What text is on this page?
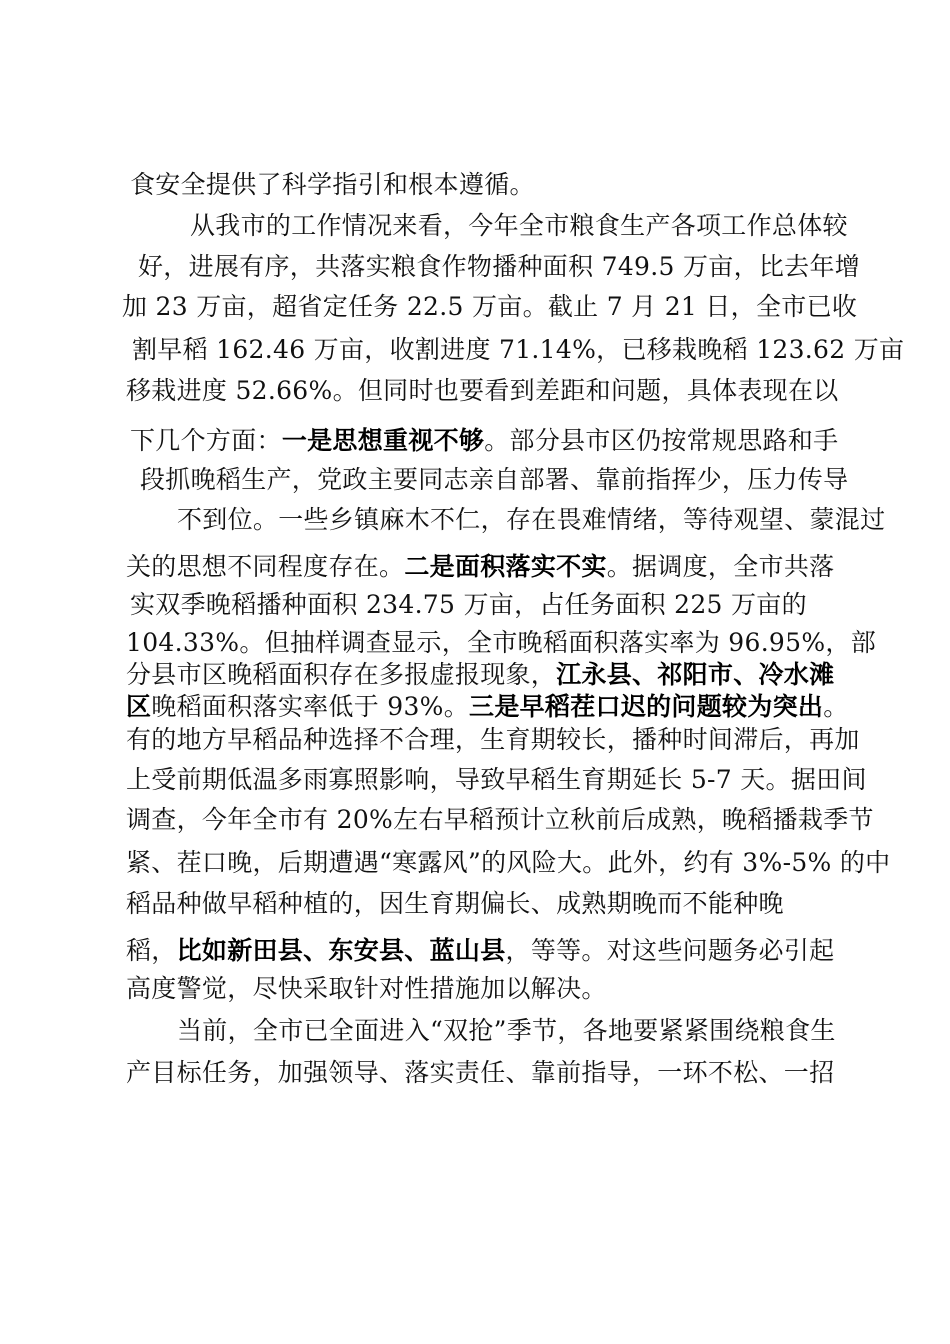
食安全提供了科学指引和根本遵循。
从我市的工作情况来看，今年全市粮食生产各项工作总体较
好，进展有序，共落实粮食作物播种面积 749.5 万亩，比去年增
加 23 万亩，超省定任务 22.5 万亩。截止 7 月 21 日，全市已收
割早稻 162.46 万亩，收割进度 71.14%，已移栽晚稻 123.62 万亩
移栽进度 52.66%。但同时也要看到差距和问题，具体表现在以
下几个方面：一是思想重视不够。部分县市区仍按常规思路和手
段抓晚稻生产，党政主要同志亲自部署、靠前指挥少，压力传导
不到位。一些乡镇麻木不仁，存在畏难情绪，等待观望、蒙混过
关的思想不同程度存在。二是面积落实不实。据调度，全市共落
实双季晚稻播种面积 234.75 万亩，占任务面积 225 万亩的
104.33%。但抽样调查显示，全市晚稻面积落实率为 96.95%，部
分县市区晚稻面积存在多报虚报现象，江永县、祁阳市、冷水滩
区晚稻面积落实率低于 93%。三是早稻茬口迟的问题较为突出。
有的地方早稻品种选择不合理，生育期较长，播种时间滞后，再加
上受前期低温多雨寡照影响，导致早稻生育期延长 5-7 天。据田间
调查，今年全市有 20%左右早稻预计立秋前后成熟，晚稻播栽季节
紧、茬口晚，后期遭遇“寒露风”的风险大。此外，约有 3%-5% 的中
稻品种做早稻种植的，因生育期偏长、成熟期晚而不能种晚
稻，比如新田县、东安县、蓝山县，等等。对这些问题务必引起
高度警觉，尽快采取针对性措施加以解决。
当前，全市已全面进入“双抢”季节，各地要紧紧围绕粮食生
产目标任务，加强领导、落实责任、靠前指导，一环不松、一招
